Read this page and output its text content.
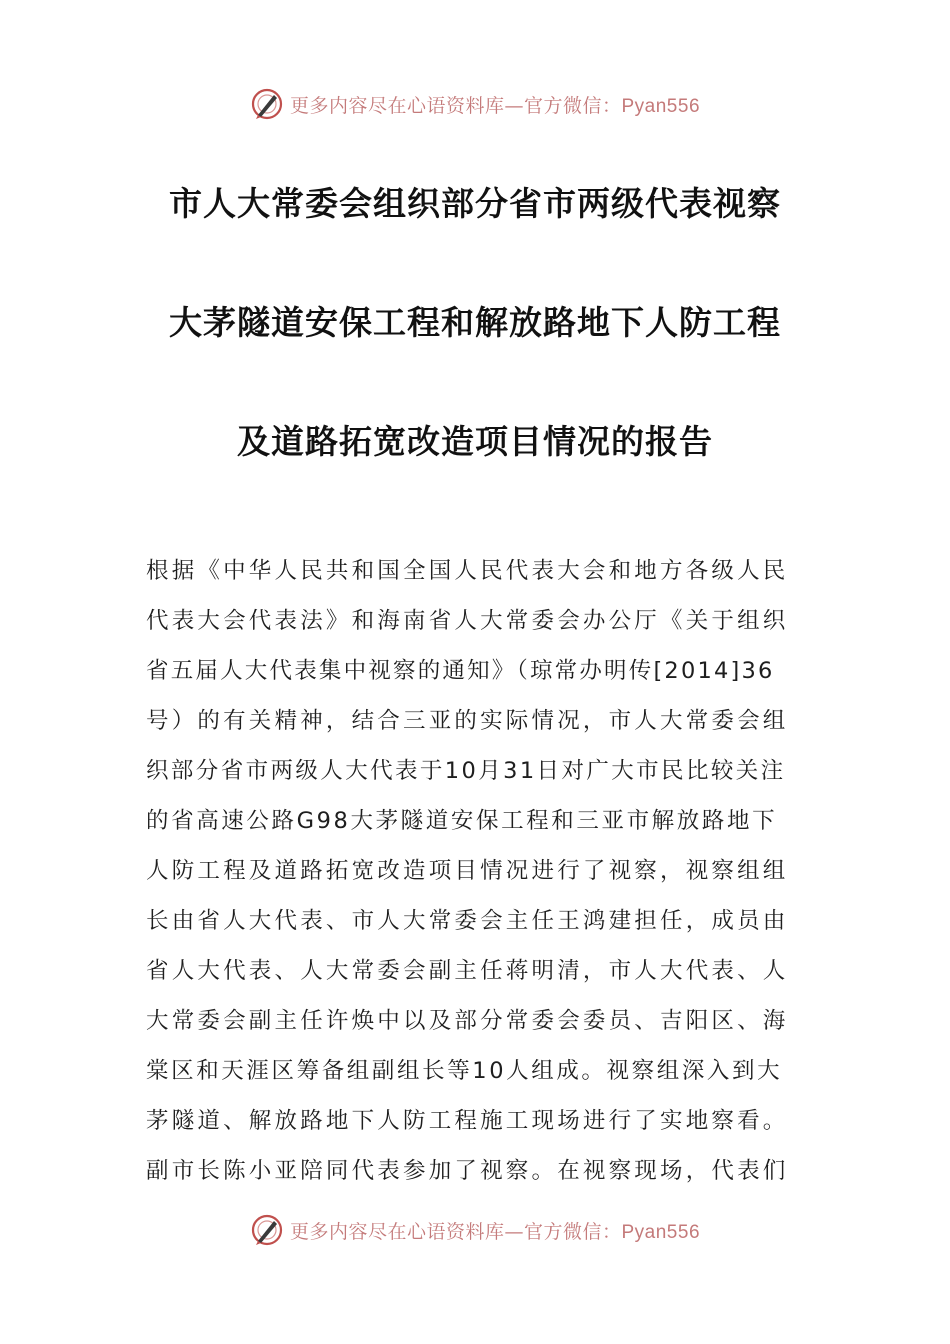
更多内容尽在心语资料库—官方微信：Pyan556
市人大常委会组织部分省市两级代表视察
大茅隧道安保工程和解放路地下人防工程
及道路拓宽改造项目情况的报告
根据《中华人民共和国全国人民代表大会和地方各级人民
代表大会代表法》和海南省人大常委会办公厅《关于组织
省五届人大代表集中视察的通知》（琼常办明传[2014]36
号）的有关精神，结合三亚的实际情况，市人大常委会组
织部分省市两级人大代表于10月31日对广大市民比较关注
的省高速公路G98大茅隧道安保工程和三亚市解放路地下
人防工程及道路拓宽改造项目情况进行了视察，视察组组
长由省人大代表、市人大常委会主任王鸿建担任，成员由
省人大代表、人大常委会副主任蒋明清，市人大代表、人
大常委会副主任许焕中以及部分常委会委员、吉阳区、海
棠区和天涯区筹备组副组长等10人组成。视察组深入到大
茅隧道、解放路地下人防工程施工现场进行了实地察看。
副市长陈小亚陪同代表参加了视察。在视察现场，代表们
更多内容尽在心语资料库—官方微信：Pyan556
